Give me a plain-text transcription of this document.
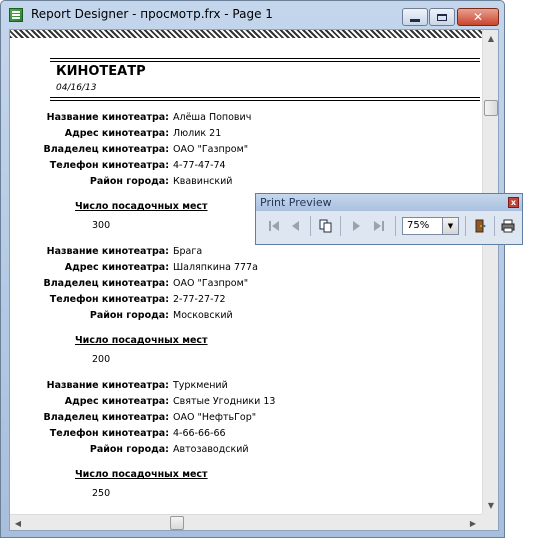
Report Designer - просмотр.frx - Page 1	✕
КИНОТЕАТР
04/16/13
Название кинотеатра: Алёша Попович
Адрес кинотеатра: Люлик 21
Владелец кинотеатра: ОАО "Газпром"
Телефон кинотеатра: 4-77-47-74
Район города: Квавинский
Число посадочных мест
300
Название кинотеатра: Брага
Адрес кинотеатра: Шаляпкина 777а
Владелец кинотеатра: ОАО "Газпром"
Телефон кинотеатра: 2-77-27-72
Район города: Московский
Число посадочных мест
200
Название кинотеатра: Туркмений
Адрес кинотеатра: Святые Угодники 13
Владелец кинотеатра: ОАО "НефтьГор"
Телефон кинотеатра: 4-66-66-66
Район города: Автозаводский
Число посадочных мест
250
▲
▼
◀	▶
Print Preview	x
75%	▼
